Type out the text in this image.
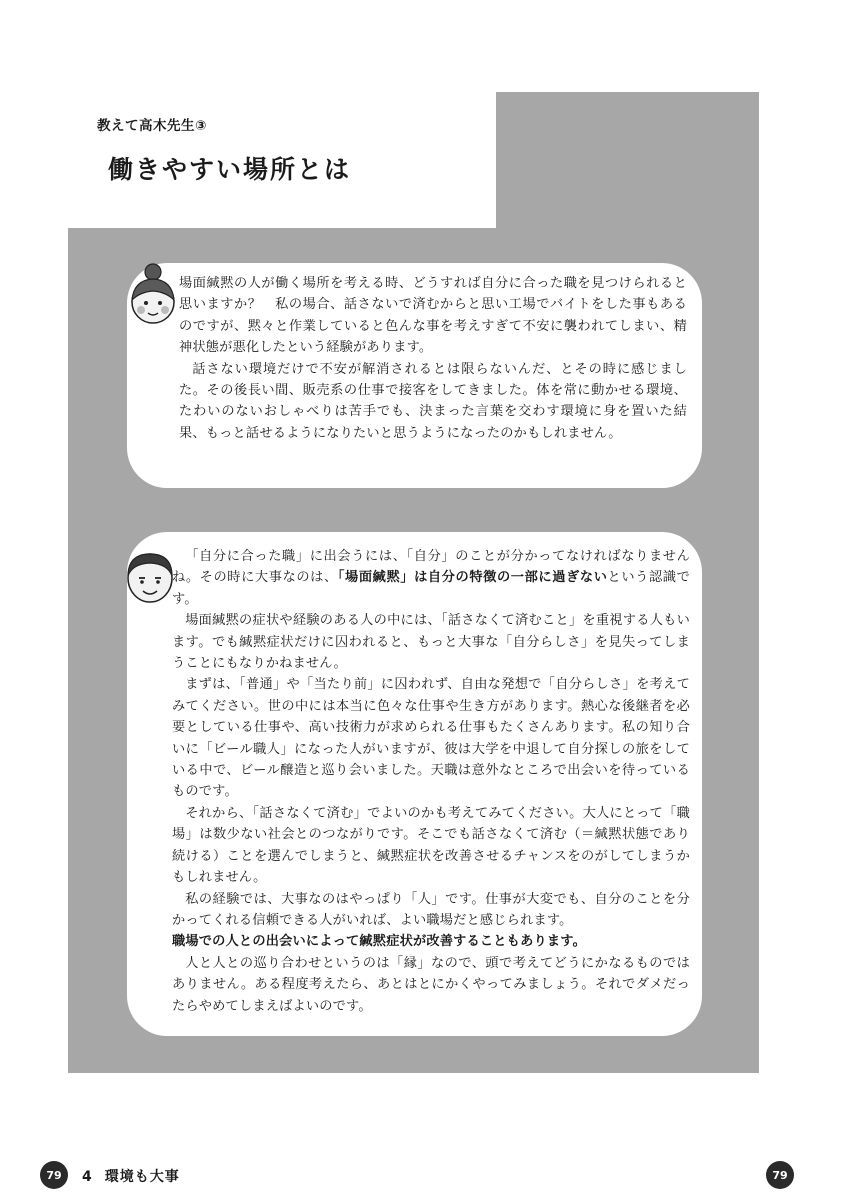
教えて高木先生③
働きやすい場所とは

場面緘黙の人が働く場所を考える時、どうすれば自分に合った職を見つけられると思いますか？　私の場合、話さないで済むからと思い工場でバイトをした事もあるのですが、黙々と作業していると色んな事を考えすぎて不安に襲われてしまい、精神状態が悪化したという経験があります。

話さない環境だけで不安が解消されるとは限らないんだ、とその時に感じました。その後長い間、販売系の仕事で接客をしてきました。体を常に動かせる環境、たわいのないおしゃべりは苦手でも、決まった言葉を交わす環境に身を置いた結果、もっと話せるようになりたいと思うようになったのかもしれません。

「自分に合った職」に出会うには、「自分」のことが分かってなければなりませんね。その時に大事なのは、「場面緘黙」は自分の特徴の一部に過ぎないという認識です。

場面緘黙の症状や経験のある人の中には、「話さなくて済むこと」を重視する人もいます。でも緘黙症状だけに囚われると、もっと大事な「自分らしさ」を見失ってしまうことにもなりかねません。

まずは、「普通」や「当たり前」に囚われず、自由な発想で「自分らしさ」を考えてみてください。世の中には本当に色々な仕事や生き方があります。熱心な後継者を必要としている仕事や、高い技術力が求められる仕事もたくさんあります。私の知り合いに「ビール職人」になった人がいますが、彼は大学を中退して自分探しの旅をしている中で、ビール醸造と巡り会いました。天職は意外なところで出会いを待っているものです。

それから、「話さなくて済む」でよいのかも考えてみてください。大人にとって「職場」は数少ない社会とのつながりです。そこでも話さなくて済む（＝緘黙状態であり続ける）ことを選んでしまうと、緘黙症状を改善させるチャンスをのがしてしまうかもしれません。

私の経験では、大事なのはやっぱり「人」です。仕事が大変でも、自分のことを分かってくれる信頼できる人がいれば、よい職場だと感じられます。

職場での人との出会いによって緘黙症状が改善することもあります。

人と人との巡り合わせというのは「縁」なので、頭で考えてどうにかなるものではありません。ある程度考えたら、あとはとにかくやってみましょう。それでダメだったらやめてしまえばよいのです。

79	4 環境も大事	79
